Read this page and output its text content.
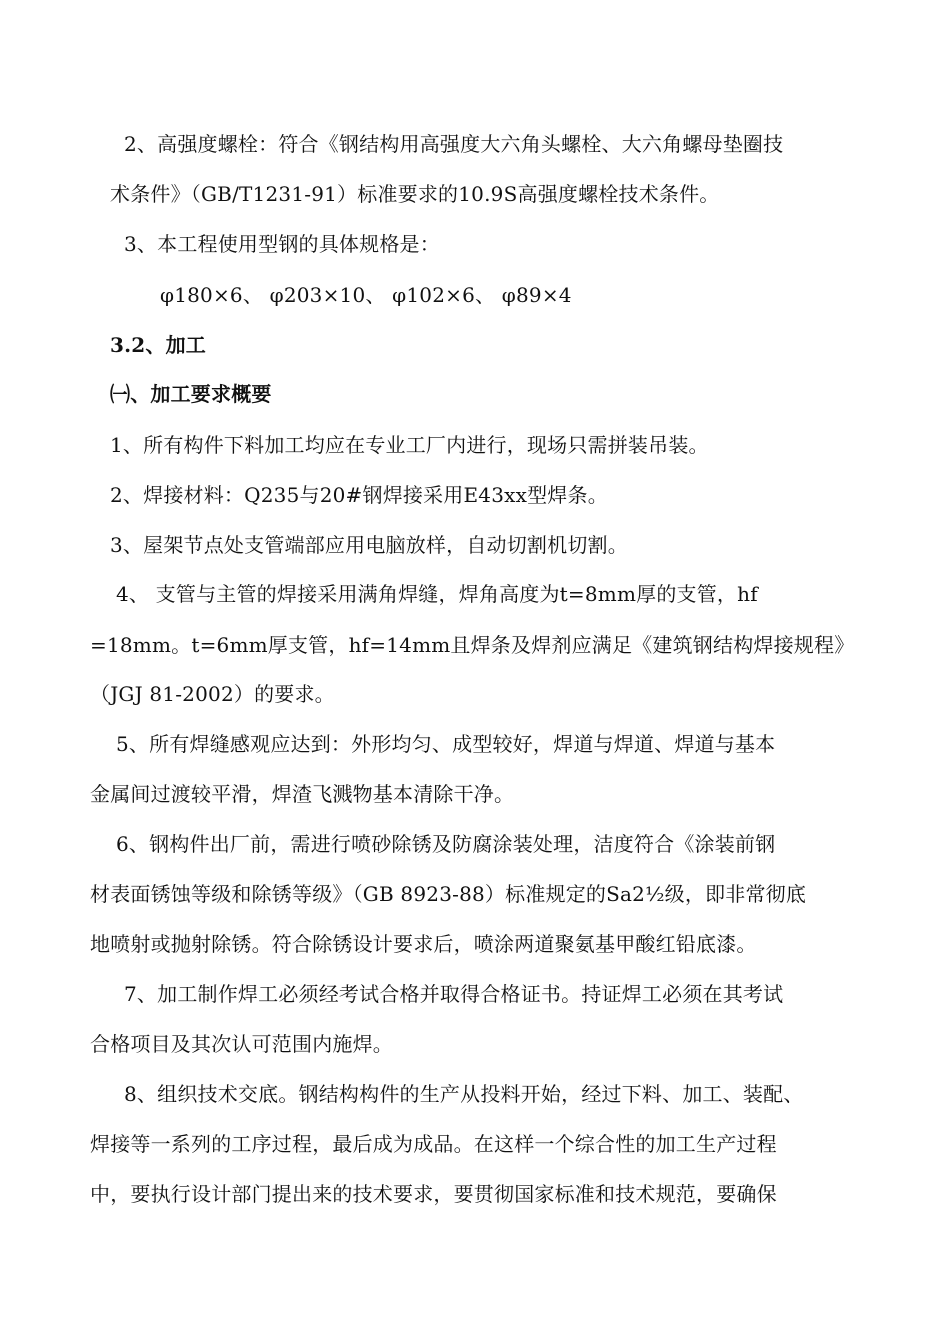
2、高强度螺栓：符合《钢结构用高强度大六角头螺栓、大六角螺母垫圈技
术条件》（GB/T1231-91）标准要求的10.9S高强度螺栓技术条件。
3、本工程使用型钢的具体规格是：
φ180×6、 φ203×10、 φ102×6、 φ89×4
3.2、加工
㈠、加工要求概要
1、所有构件下料加工均应在专业工厂内进行，现场只需拼装吊装。
2、焊接材料：Q235与20#钢焊接采用E43xx型焊条。
3、屋架节点处支管端部应用电脑放样，自动切割机切割。
4、 支管与主管的焊接采用满角焊缝，焊角高度为t=8mm厚的支管，hf
=18mm。t=6mm厚支管，hf=14mm且焊条及焊剂应满足《建筑钢结构焊接规程》
（JGJ 81-2002）的要求。
5、所有焊缝感观应达到：外形均匀、成型较好，焊道与焊道、焊道与基本
金属间过渡较平滑，焊渣飞溅物基本清除干净。
6、钢构件出厂前，需进行喷砂除锈及防腐涂装处理，洁度符合《涂装前钢
材表面锈蚀等级和除锈等级》（GB 8923-88）标准规定的Sa2½级，即非常彻底
地喷射或抛射除锈。符合除锈设计要求后，喷涂两道聚氨基甲酸红铅底漆。
7、加工制作焊工必须经考试合格并取得合格证书。持证焊工必须在其考试
合格项目及其次认可范围内施焊。
8、组织技术交底。钢结构构件的生产从投料开始，经过下料、加工、装配、
焊接等一系列的工序过程，最后成为成品。在这样一个综合性的加工生产过程
中，要执行设计部门提出来的技术要求，要贯彻国家标准和技术规范，要确保
